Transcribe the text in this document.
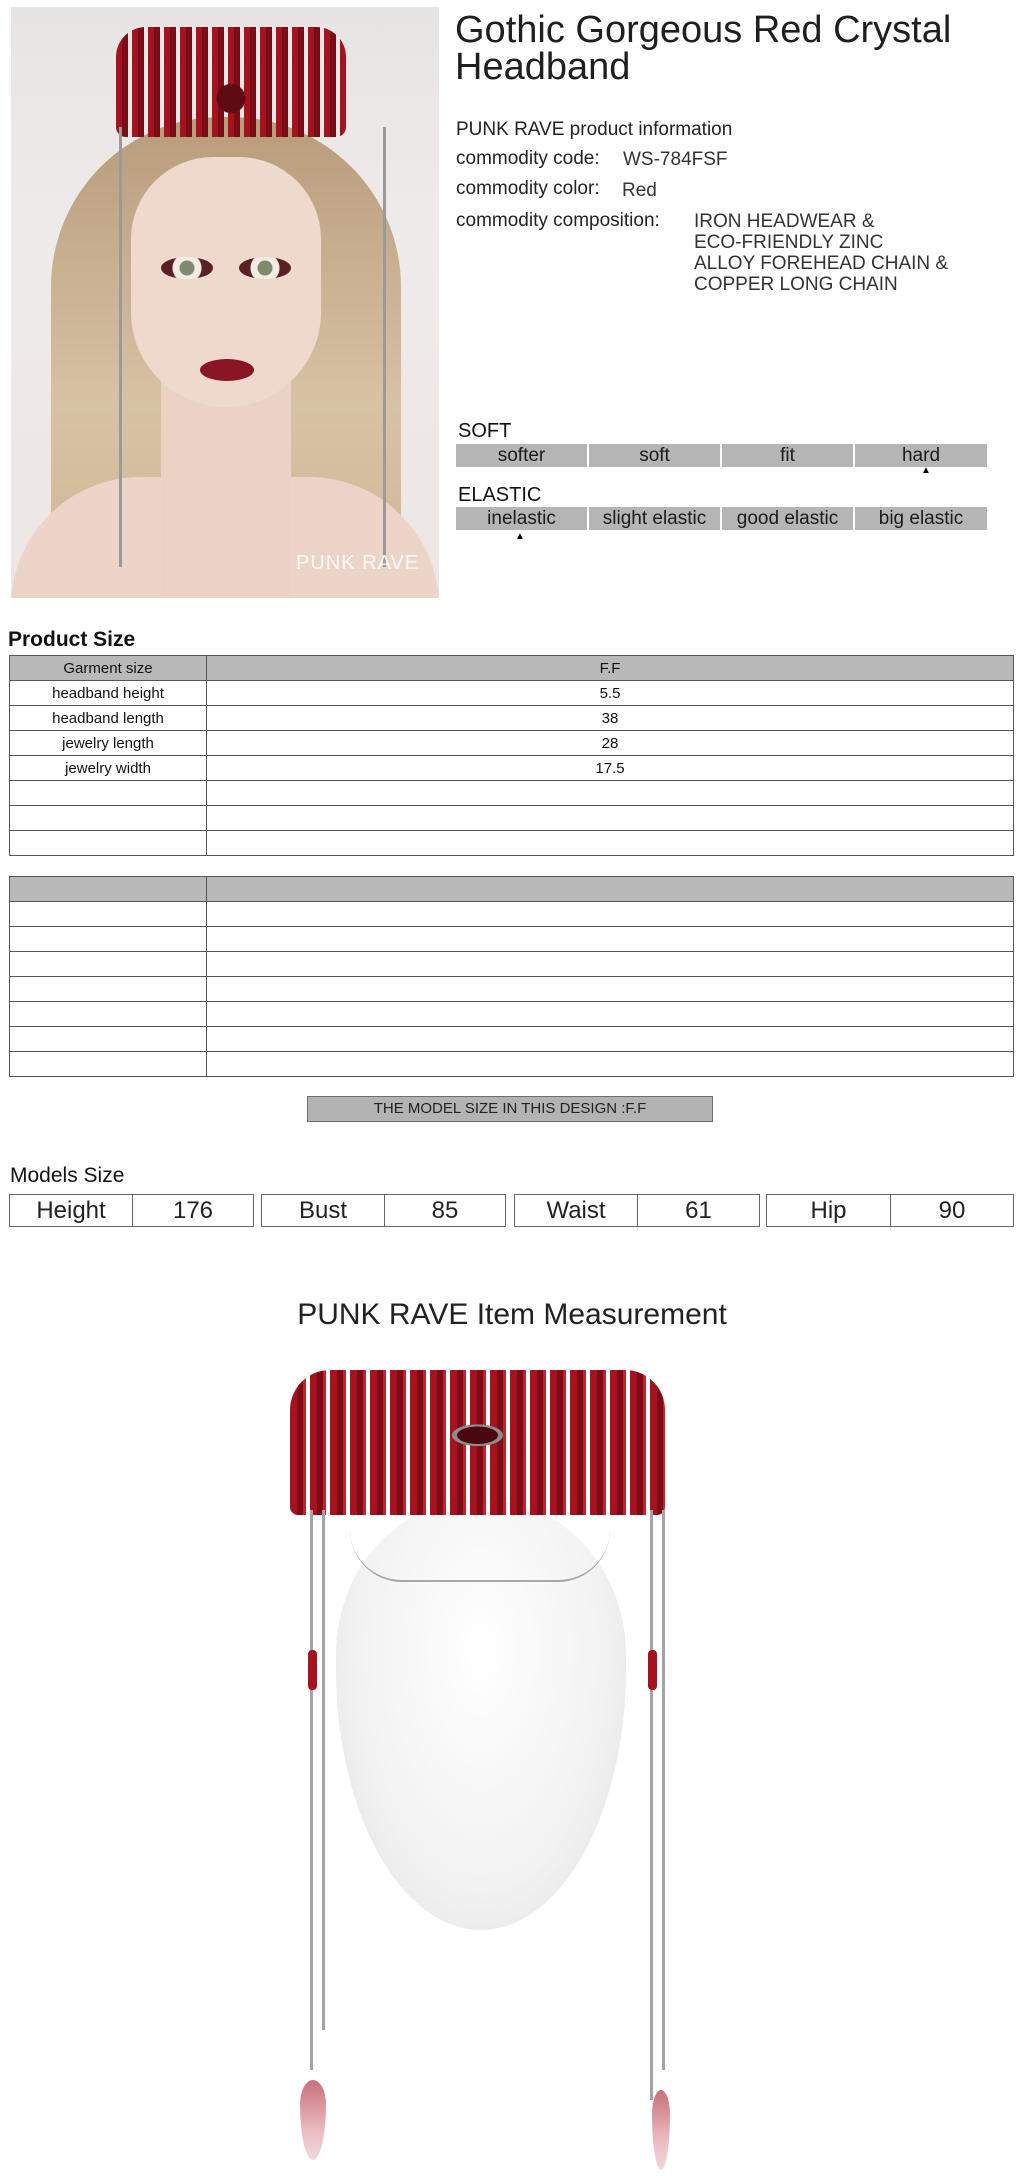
PUNK RAVE
Gothic Gorgeous Red Crystal Headband
PUNK RAVE product information
commodity code: WS-784FSF
commodity color: Red
commodity composition: IRON HEADWEAR &
ECO-FRIENDLY ZINC
ALLOY FOREHEAD CHAIN &
COPPER LONG CHAIN
SOFT
softer	soft	fit	hard
▲
ELASTIC
inelastic	slight elastic	good elastic	big elastic
▲
Product Size
Garment size	F.F
headband height	5.5
headband length	38
jewelry length	28
jewelry width	17.5

THE MODEL SIZE IN THIS DESIGN :F.F
Models Size
Height	176	Bust	85	Waist	61	Hip	90
PUNK RAVE Item Measurement
